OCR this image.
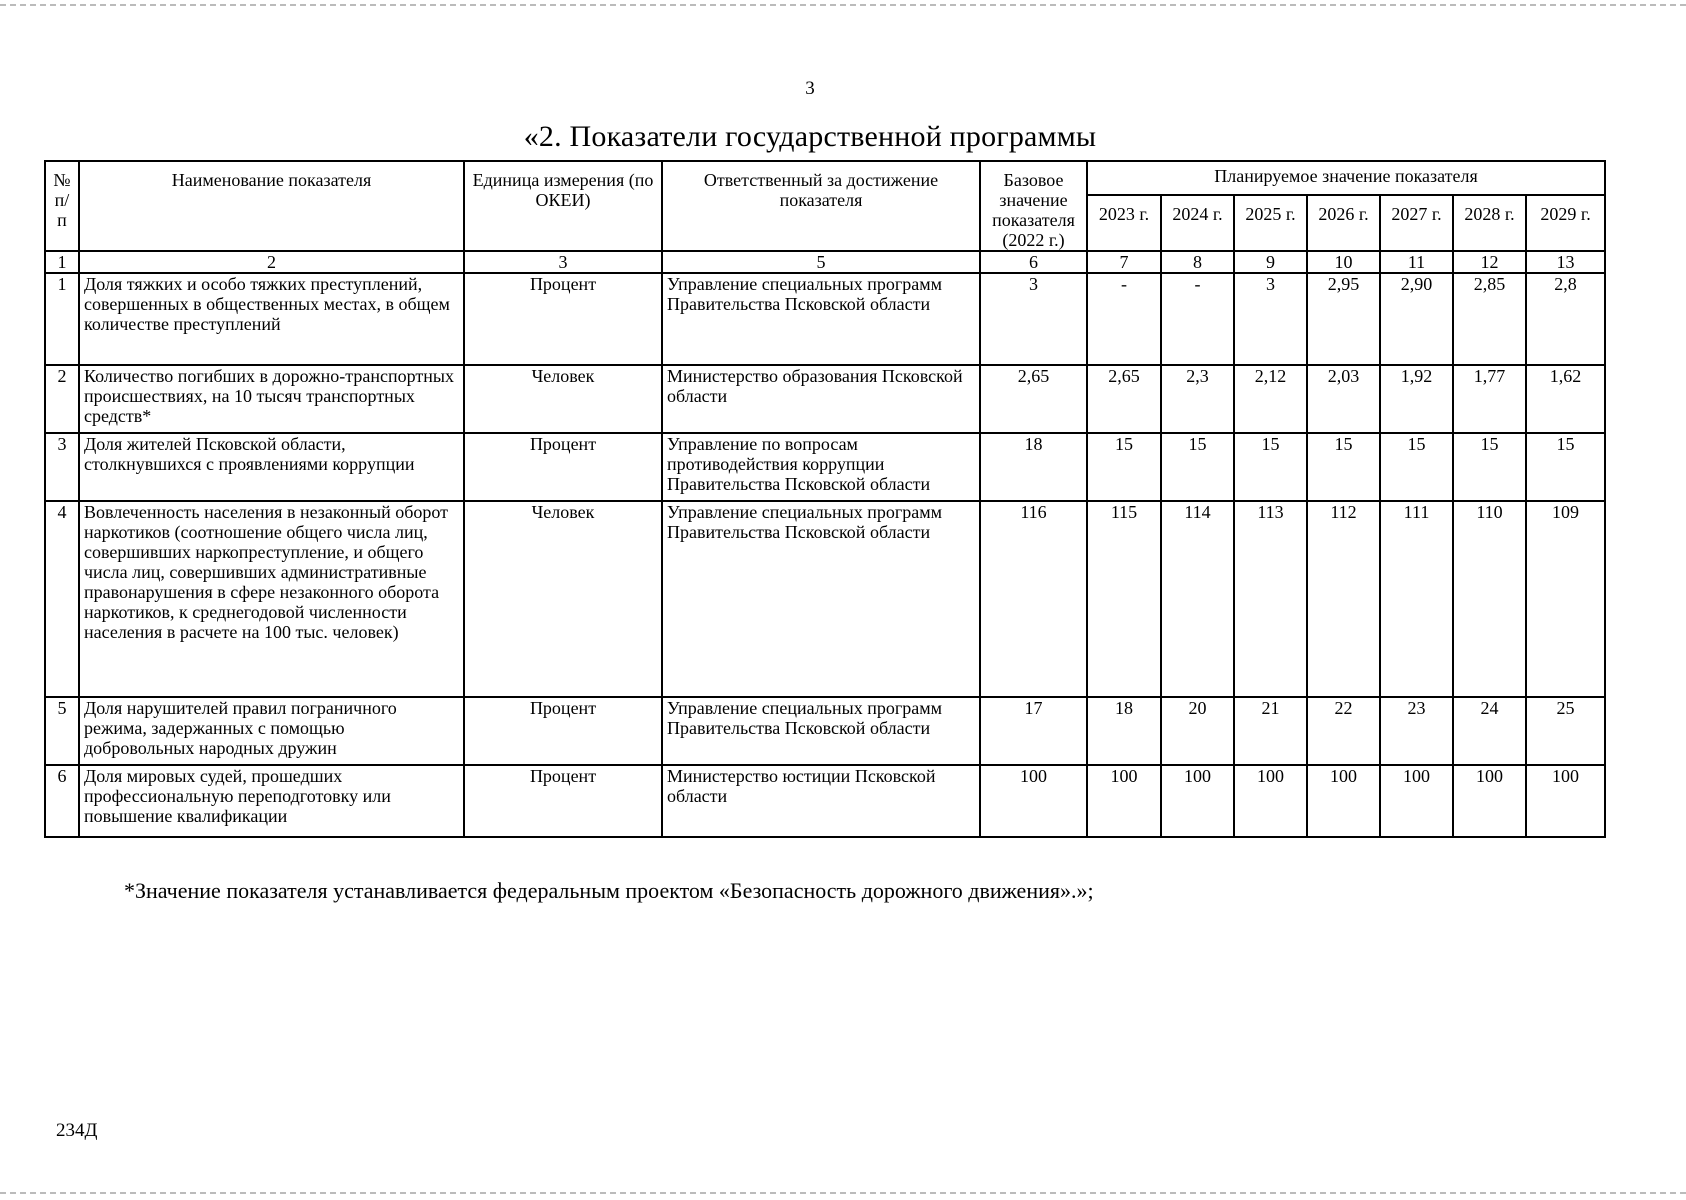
3
«2. Показатели государственной программы
№ п/п	Наименование показателя	Единица измерения (по ОКЕИ)	Ответственный за достижение показателя	Базовое значение показателя (2022 г.)	Планируемое значение показателя						
					2023 г.	2024 г.	2025 г.	2026 г.	2027 г.	2028 г.	2029 г.
1	2	3	5	6	7	8	9	10	11	12	13
1	Доля тяжких и особо тяжких преступлений, совершенных в общественных местах, в общем количестве преступлений	Процент	Управление специальных программ Правительства Псковской области	3	-	-	3	2,95	2,90	2,85	2,8
2	Количество погибших в дорожно-транспортных происшествиях, на 10 тысяч транспортных средств*	Человек	Министерство образования Псковской области	2,65	2,65	2,3	2,12	2,03	1,92	1,77	1,62
3	Доля жителей Псковской области, столкнувшихся с проявлениями коррупции	Процент	Управление по вопросам противодействия коррупции Правительства Псковской области	18	15	15	15	15	15	15	15
4	Вовлеченность населения в незаконный оборот наркотиков (соотношение общего числа лиц, совершивших наркопреступление, и общего числа лиц, совершивших административные правонарушения в сфере незаконного оборота наркотиков, к среднегодовой численности населения в расчете на 100 тыс. человек)	Человек	Управление специальных программ Правительства Псковской области	116	115	114	113	112	111	110	109
5	Доля нарушителей правил пограничного режима, задержанных с помощью добровольных народных дружин	Процент	Управление специальных программ Правительства Псковской области	17	18	20	21	22	23	24	25
6	Доля мировых судей, прошедших профессиональную переподготовку или повышение квалификации	Процент	Министерство юстиции Псковской области	100	100	100	100	100	100	100	100
*Значение показателя устанавливается федеральным проектом «Безопасность дорожного движения».»;
234Д
